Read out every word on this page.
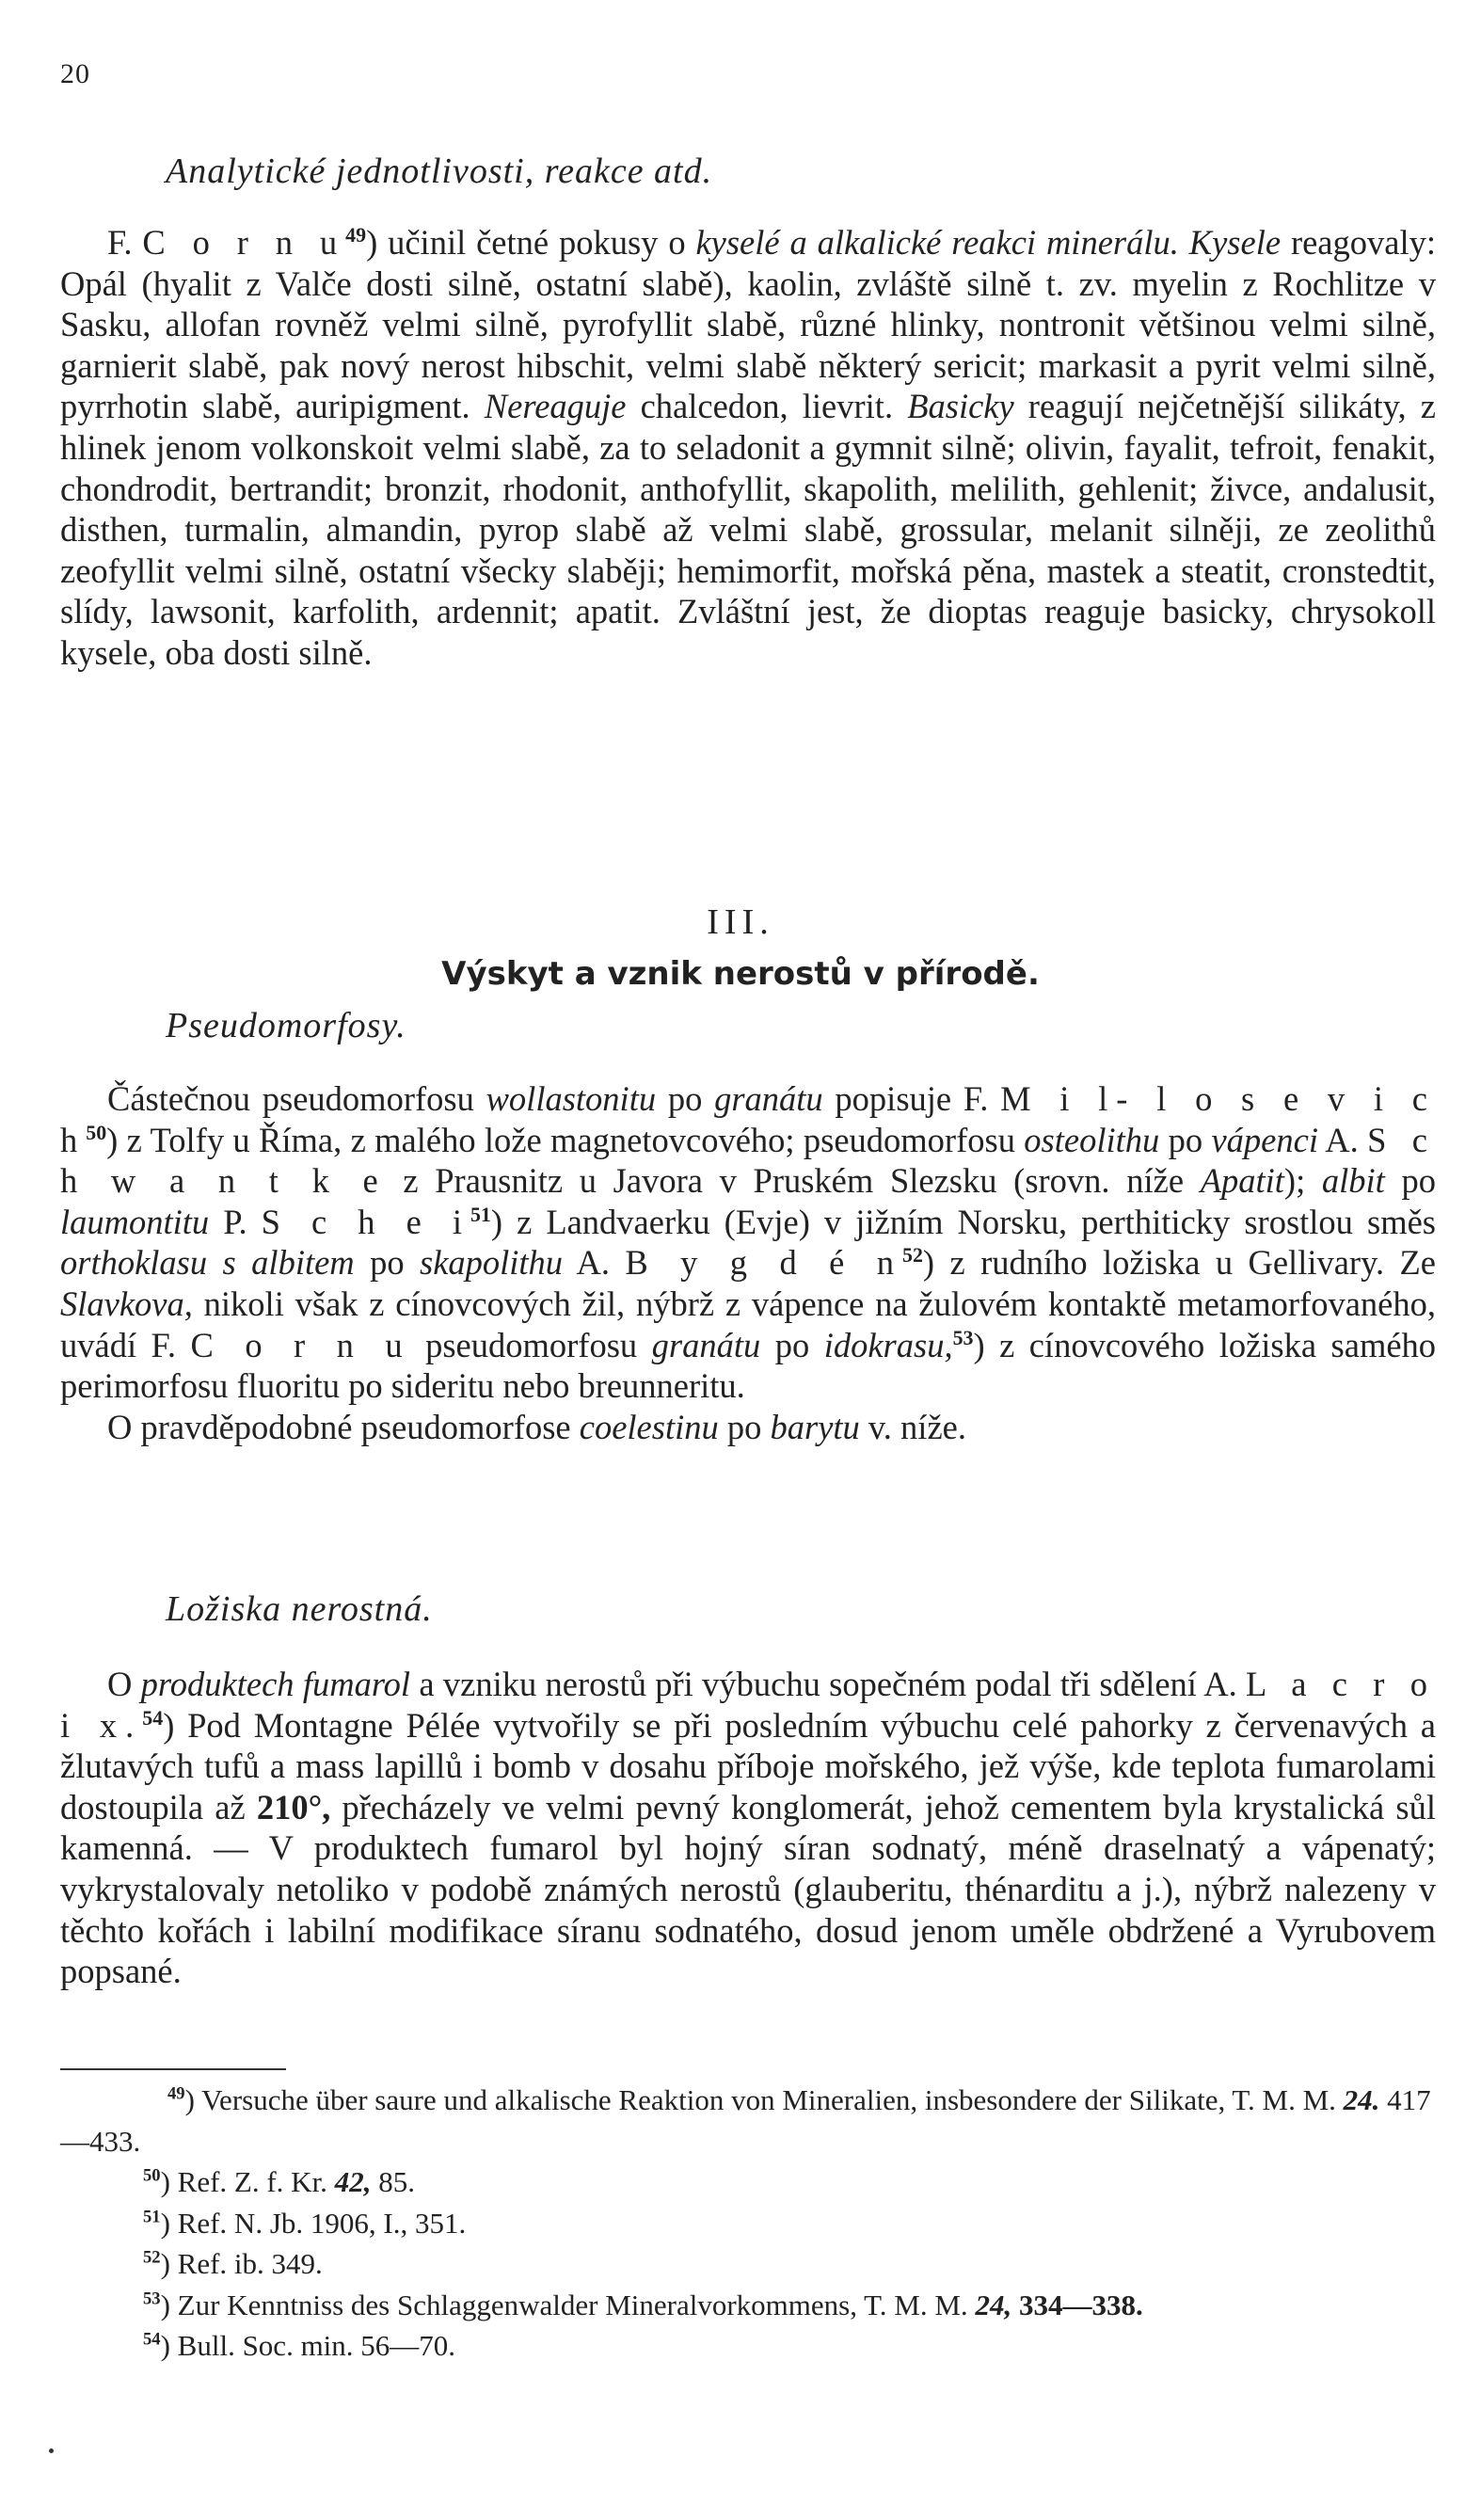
20
Analytické jednotlivosti, reakce atd.

F. C o r n $u^{49}$) učinil četné pokusy o kyselé a alkalické reakci minerálu. Kysele reagovaly: Opál (hyalit z Valče dosti silně, ostatní slabě), kaolin, zvláště silně t. zv. myelin z Rochlitze v Sasku, allofan rovněž velmi silně, pyrofyllit slabě, různé hlinky, nontronit většinou velmi silně, garnierit slabě, pak nový nerost hibschit, velmi slabě některý sericit; markasit a pyrit velmi silně, pyrrhotin slabě, auripigment. Nereaguje chalcedon, lievrit. Basicky reagují nejčetnější silikáty, z hlinek jenom volkonskoit velmi slabě, za to seladonit a gymnit silně; olivin, fayalit, tefroit, fenakit, chondrodit, bertrandit; bronzit, rhodonit, anthofyllit, skapolith, melilith, gehlenit; živce, andalusit, disthen, turmalin, almandin, pyrop slabě až velmi slabě, grossular, melanit silněji, ze zeolithů zeofyllit velmi silně, ostatní všecky slaběji; hemimorfit, mořská pěna, mastek a steatit, cronstedtit, slídy, lawsonit, karfolith, ardennit; apatit. Zvláštní jest, že dioptas reaguje basicky, chrysokoll kysele, oba dosti silně.

III.
Výskyt a vznik nerostů v přírodě.
Pseudomorfosy.

Částečnou pseudomorfosu wollastonitu po granátu popisuje F. M i l- l o s e v i c $h^{50}$) z Tolfy u Říma, z malého lože magnetovcového; pseudomorfosu osteolithu po vápenci A. S c h w a n t k e z Prausnitz u Javora v Pruském Slezsku (srovn. níže Apatit); albit po laumontitu P. S c h e $i^{51}$) z Landvaerku (Evje) v jižním Norsku, perthiticky srostlou směs orthoklasu s albitem po skapolithu A. B y g d é $n^{52}$) z rudního ložiska u Gellivary. Ze Slavkova, nikoli však z cínovcových žil, nýbrž z vápence na žulovém kontaktě metamorfovaného, uvádí F. C o r n u pseudomorfosu granátu po idokrasu,$^{53}$) z cínovcového ložiska samého perimorfosu fluoritu po sideritu nebo breunneritu.

O pravděpodobné pseudomorfose coelestinu po barytu v. níže.

Ložiska nerostná.

O produktech fumarol a vzniku nerostů při výbuchu sopečném podal tři sdělení A. L a c r o i x.$^{54}$) Pod Montagne Pélée vytvořily se při posledním výbuchu celé pahorky z červenavých a žlutavých tufů a mass lapillů i bomb v dosahu příboje mořského, jež výše, kde teplota fumarolami dostoupila až 210°, přecházely ve velmi pevný konglomerát, jehož cementem byla krystalická sůl kamenná. — V produktech fumarol byl hojný síran sodnatý, méně draselnatý a vápenatý; vykrystalovaly netoliko v podobě známých nerostů (glauberitu, thénarditu a j.), nýbrž nalezeny v těchto kořách i labilní modifikace síranu sodnatého, dosud jenom uměle obdržené a Vyrubovem popsané.

$^{49}$) Versuche über saure und alkalische Reaktion von Mineralien, insbesondere der Silikate, T. M. M. 24. 417—433.

$^{50}$) Ref. Z. f. Kr. 42, 85.

$^{51}$) Ref. N. Jb. 1906, I., 351.

$^{52}$) Ref. ib. 349.

$^{53}$) Zur Kenntniss des Schlaggenwalder Mineralvorkommens, T. M. M. 24, 334—338.

$^{54}$) Bull. Soc. min. 56—70.
